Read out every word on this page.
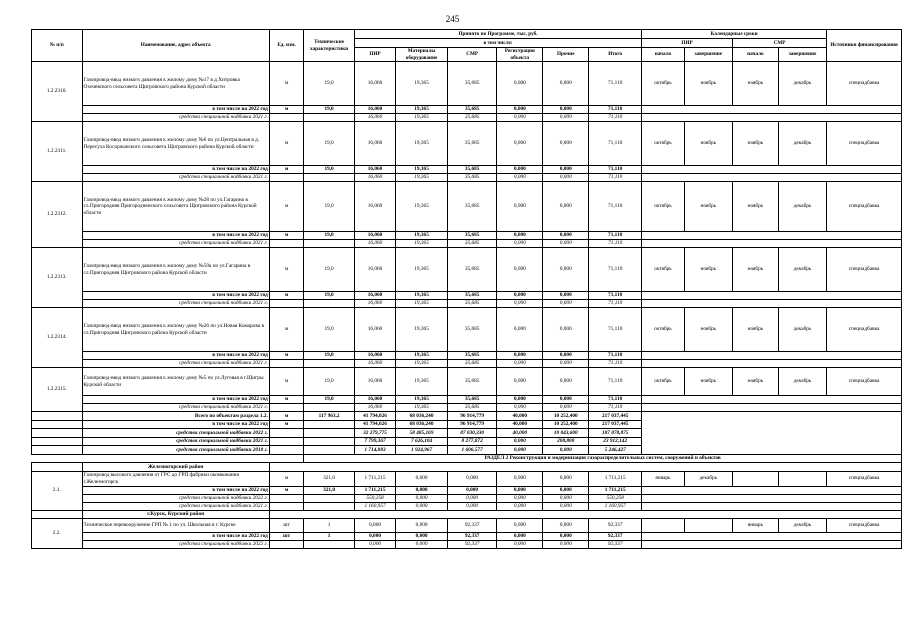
245
№ п/п	Наименование, адрес объекта	Ед. изм.	Технические характеристики	Принято по Программе, тыс. руб.						Календарные сроки				Источники финансирования
				в том числе:						ПИР		СМР		
				ПИР	Материалы оборудование	СМР	Регистрация объекта	Прочие	Итого	начало	завершение	начало	завершение	
1.2.2310.	Газопровод-ввод низкого давления к жилому дому №17 в д.Хитровка Охочевского сельсовета Щигровского района Курской области	м	19,0	16,060	19,365	35,685	0,000	0,000	71,110	октябрь	ноябрь	ноябрь	декабрь	спецнадбавка
	в том числе на 2022 год	м	19,0	16,060	19,365	35,685	0,000	0,000	71,110					
	средства специальной надбавки 2021 г.			16,060	19,365	35,685	0,000	0,000	71,110					
1.2.2311.	Газопровод-ввод низкого давления к жилому дому №6 по ул.Центральная в д. Пересуха Косоржанского сельсовета Щигровского района Курской области	м	19,0	16,060	19,365	35,685	0,000	0,000	71,110	октябрь	ноябрь	ноябрь	декабрь	спецнадбавка
	в том числе на 2022 год	м	19,0	16,060	19,365	35,685	0,000	0,000	71,110					
	средства специальной надбавки 2021 г.			16,060	19,365	35,685	0,000	0,000	71,110					
1.2.2312.	Газопровод-ввод низкого давления к жилому дому №28 по ул.Гагарина в сл.Пригородняя Пригородненского сельсовета Щигровского района Курской области	м	19,0	16,060	19,365	35,685	0,000	0,000	71,110	октябрь	ноябрь	ноябрь	декабрь	спецнадбавка
	в том числе на 2022 год	м	19,0	16,060	19,365	35,685	0,000	0,000	71,110					
	средства специальной надбавки 2021 г.			16,060	19,365	35,685	0,000	0,000	71,110					
1.2.2313.	Газопровод-ввод низкого давления к жилому дому №59а по ул.Гагарина в сл.Пригородняя Щигровского района Курской области	м	19,0	16,060	19,365	35,685	0,000	0,000	71,110	октябрь	ноябрь	ноябрь	декабрь	спецнадбавка
	в том числе на 2022 год	м	19,0	16,060	19,365	35,685	0,000	0,000	71,110					
	средства специальной надбавки 2021 г.			16,060	19,365	35,685	0,000	0,000	71,110					
1.2.2314.	Газопровод-ввод низкого давления к жилому дому №26 по ул.Новая Комарова в сл.Пригородняя Щигровского района Курской области	м	19,0	16,060	19,365	35,685	0,000	0,000	71,110	октябрь	ноябрь	ноябрь	декабрь	спецнадбавка
	в том числе на 2022 год	м	19,0	16,060	19,365	35,685	0,000	0,000	71,110					
	средства специальной надбавки 2021 г.			16,060	19,365	35,685	0,000	0,000	71,110					
1.2.2315.	Газопровод-ввод низкого давления к жилому дому №5 по ул.Луговая в г.Щигры Курской области	м	19,0	16,060	19,365	35,685	0,000	0,000	71,110	октябрь	ноябрь	ноябрь	декабрь	спецнадбавка
	в том числе на 2022 год	м	19,0	16,060	19,365	35,685	0,000	0,000	71,110					
	средства специальной надбавки 2021 г.			16,060	19,365	35,685	0,000	0,000	71,110					
	Всего по объектам раздела 1.2.	м	117 963,2	41 794,026	68 036,240	96 914,779	40,000	10 252,400	217 037,445					
	в том числе на 2022 год	м		41 794,026	68 036,240	96 914,779	40,000	10 252,400	217 037,445					
	средства специальной надбавки 2022 г.			32 279,775	58 485,169	87 030,330	40,000	10 043,600	187 878,875					
	средства специальной надбавки 2021 г.			7 799,367	7 626,104	8 277,872	0,000	208,800	23 912,142					
	средства специальной надбавки 2018 г.			1 714,883	1 924,967	1 606,577	0,000	0,000	5 246,427					
			РАЗДЕЛ 2 Реконструкция и модернизация газораспределительных систем, сооружений и объектов											
	Железногорский район													
2.1.	Газопровод высокого давления от ГРС до ГРП фабрики окомкования г.Железногорск	м	321,0	1 711,215	0,000	0,000	0,000	0,000	1 711,215	январь	декабрь			спецнадбавка
	в том числе на 2022 год	м	321,0	1 711,215	0,000	0,000	0,000	0,000	1 711,215					
	средства специальной надбавки 2022 г.			550,258	0,000	0,000	0,000	0,000	550,258					
	средства специальной надбавки 2021 г.			1 160,957	0,000	0,000	0,000	0,000	1 160,957					
	г.Курск, Курский район													
2.2.	Техническое перевооружение ГРП № 1 по ул. Школьная в г. Курске	шт	1	0,000	0,000	92,337	0,000	0,000	92,337			январь	декабрь	спецнадбавка
	в том числе на 2022 год	шт	1	0,000	0,000	92,337	0,000	0,000	92,337					
	средства специальной надбавки 2022 г.			0,000	0,000	92,337	0,000	0,000	92,337					
